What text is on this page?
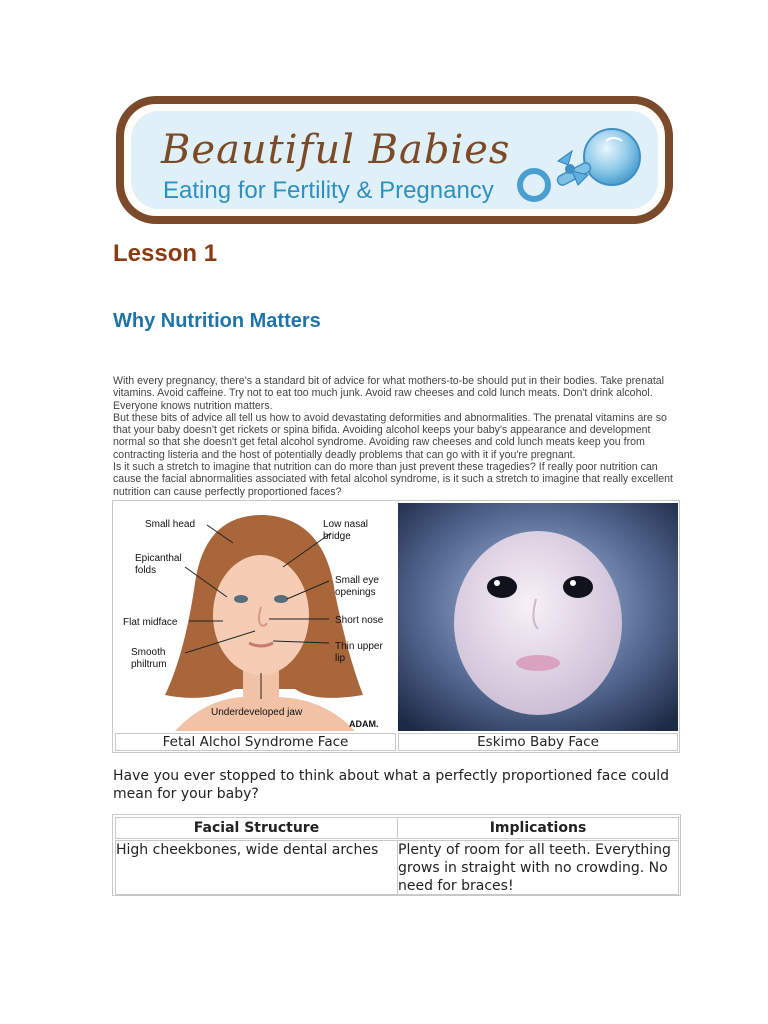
Beautiful Babies
Eating for Fertility & Pregnancy
Lesson 1
Why Nutrition Matters

With every pregnancy, there's a standard bit of advice for what mothers-to-be should put in their bodies. Take prenatal vitamins. Avoid caffeine. Try not to eat too much junk. Avoid raw cheeses and cold lunch meats. Don't drink alcohol. Everyone knows nutrition matters.

But these bits of advice all tell us how to avoid devastating deformities and abnormalities. The prenatal vitamins are so that your baby doesn't get rickets or spina bifida. Avoiding alcohol keeps your baby's appearance and development normal so that she doesn't get fetal alcohol syndrome. Avoiding raw cheeses and cold lunch meats keep you from contracting listeria and the host of potentially deadly problems that can go with it if you're pregnant.

Is it such a stretch to imagine that nutrition can do more than just prevent these tragedies? If really poor nutrition can cause the facial abnormalities associated with fetal alcohol syndrome, is it such a stretch to imagine that really excellent nutrition can cause perfectly proportioned faces?

Small head	Low nasal
bridge
Epicanthal
folds
Small eye
openings
Flat midface	Short nose
Thin upper
lip
Smooth
philtrum
Underdeveloped jaw
ADAM.
Fetal Alchol Syndrome Face	Eskimo Baby Face
Have you ever stopped to think about what a perfectly proportioned face could mean for your baby?
Facial Structure	Implications
High cheekbones, wide dental arches	Plenty of room for all teeth. Everything grows in straight with no crowding. No need for braces!
